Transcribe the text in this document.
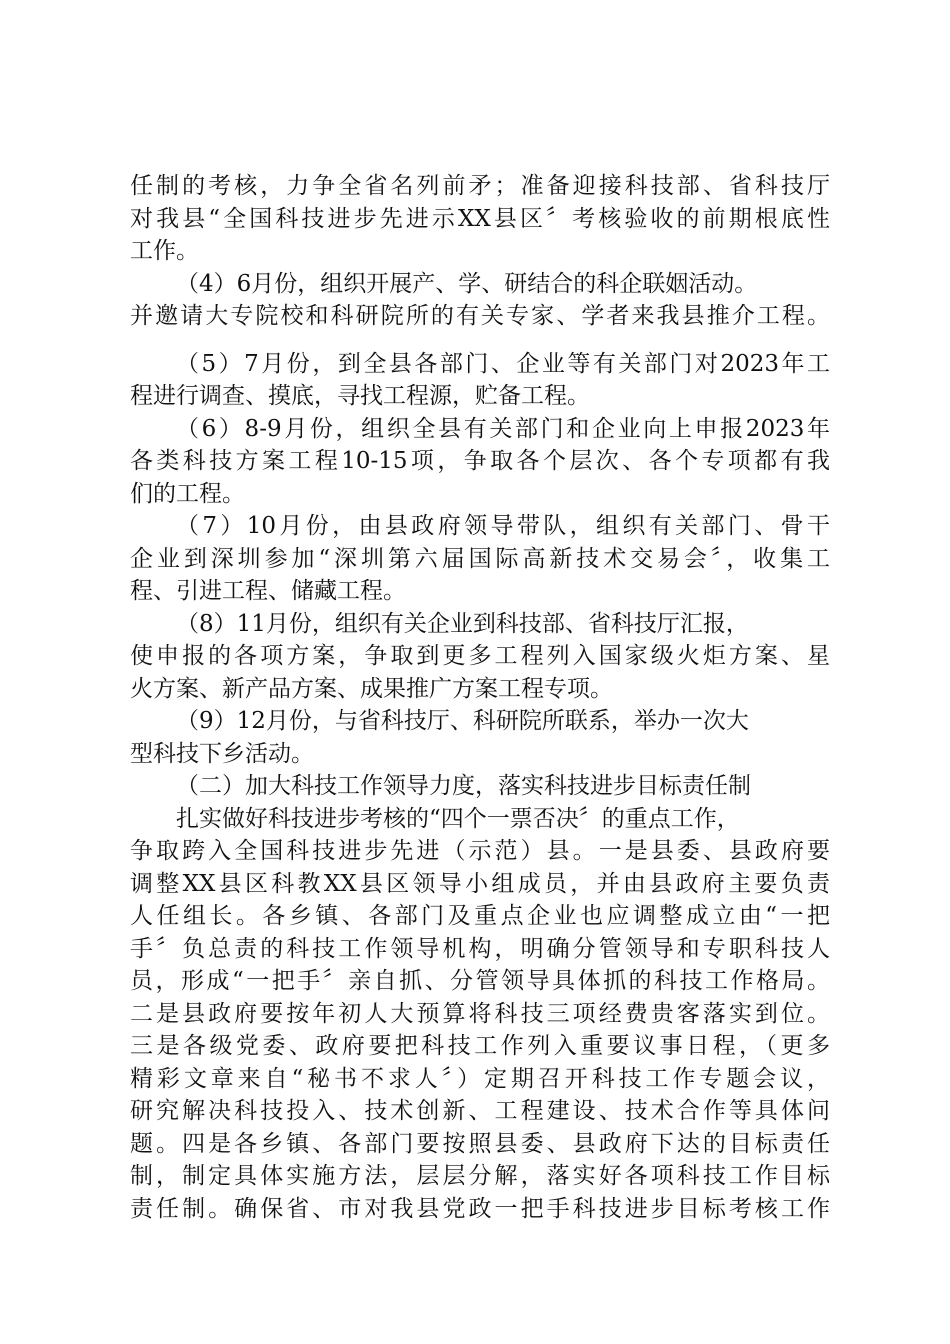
任制的考核，力争全省名列前矛；准备迎接科技部、省科技厅
对我县“全国科技进步先进示XX县区〞考核验收的前期根底性
工作。
（4）6月份，组织开展产、学、研结合的科企联姻活动。
并邀请大专院校和科研院所的有关专家、学者来我县推介工程。
（5）7月份，到全县各部门、企业等有关部门对2023年工
程进行调查、摸底，寻找工程源，贮备工程。
（6）8-9月份，组织全县有关部门和企业向上申报2023年
各类科技方案工程10-15项，争取各个层次、各个专项都有我
们的工程。
（7）10月份，由县政府领导带队，组织有关部门、骨干
企业到深圳参加“深圳第六届国际高新技术交易会〞，收集工
程、引进工程、储藏工程。
（8）11月份，组织有关企业到科技部、省科技厅汇报，
使申报的各项方案，争取到更多工程列入国家级火炬方案、星
火方案、新产品方案、成果推广方案工程专项。
（9）12月份，与省科技厅、科研院所联系，举办一次大
型科技下乡活动。
（二）加大科技工作领导力度，落实科技进步目标责任制
扎实做好科技进步考核的“四个一票否决〞的重点工作，
争取跨入全国科技进步先进（示范）县。一是县委、县政府要
调整XX县区科教XX县区领导小组成员，并由县政府主要负责
人任组长。各乡镇、各部门及重点企业也应调整成立由“一把
手〞负总责的科技工作领导机构，明确分管领导和专职科技人
员，形成“一把手〞亲自抓、分管领导具体抓的科技工作格局。
二是县政府要按年初人大预算将科技三项经费贵客落实到位。
三是各级党委、政府要把科技工作列入重要议事日程，（更多
精彩文章来自“秘书不求人〞）定期召开科技工作专题会议，
研究解决科技投入、技术创新、工程建设、技术合作等具体问
题。四是各乡镇、各部门要按照县委、县政府下达的目标责任
制，制定具体实施方法，层层分解，落实好各项科技工作目标
责任制。确保省、市对我县党政一把手科技进步目标考核工作
